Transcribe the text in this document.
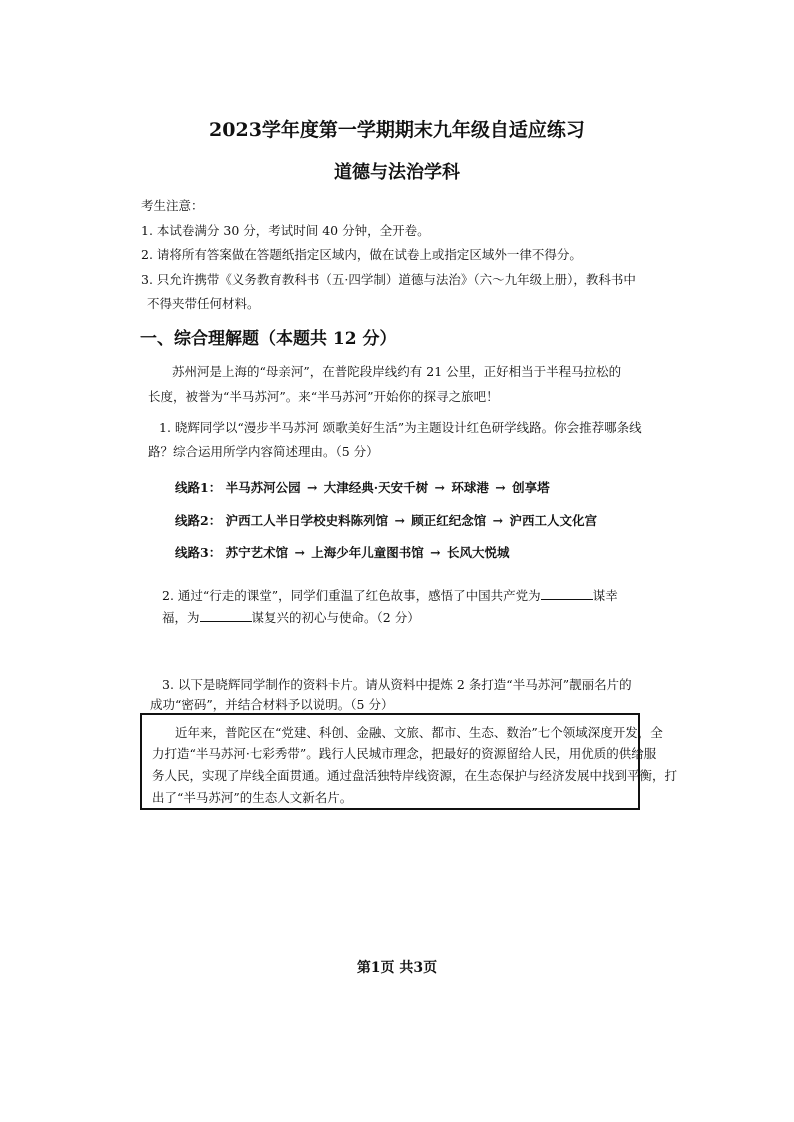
2023学年度第一学期期末九年级自适应练习
道德与法治学科
考生注意：
1. 本试卷满分 30 分，考试时间 40 分钟，全开卷。
2. 请将所有答案做在答题纸指定区域内，做在试卷上或指定区域外一律不得分。
3. 只允许携带《义务教育教科书（五·四学制）道德与法治》（六～九年级上册），教科书中
不得夹带任何材料。
一、综合理解题（本题共 12 分）
苏州河是上海的“母亲河”，在普陀段岸线约有 21 公里，正好相当于半程马拉松的
长度，被誉为“半马苏河”。来“半马苏河”开始你的探寻之旅吧！
1. 晓辉同学以“漫步半马苏河 颂歌美好生活”为主题设计红色研学线路。你会推荐哪条线
路？综合运用所学内容简述理由。（5 分）
线路1： 半马苏河公园 → 大津经典·天安千树 → 环球港 → 创享塔
线路2： 沪西工人半日学校史料陈列馆 → 顾正红纪念馆 → 沪西工人文化宫
线路3： 苏宁艺术馆 → 上海少年儿童图书馆 → 长风大悦城
2. 通过“行走的课堂”，同学们重温了红色故事，感悟了中国共产党为	谋幸
福，为	谋复兴的初心与使命。（2 分）
3. 以下是晓辉同学制作的资料卡片。请从资料中提炼 2 条打造“半马苏河”靓丽名片的
成功“密码”，并结合材料予以说明。（5 分）
近年来，普陀区在“党建、科创、金融、文旅、都市、生态、数治”七个领域深度开发，全
力打造“半马苏河·七彩秀带”。践行人民城市理念，把最好的资源留给人民，用优质的供给服
务人民，实现了岸线全面贯通。通过盘活独特岸线资源，在生态保护与经济发展中找到平衡，打
出了“半马苏河”的生态人文新名片。
第1页 共3页
